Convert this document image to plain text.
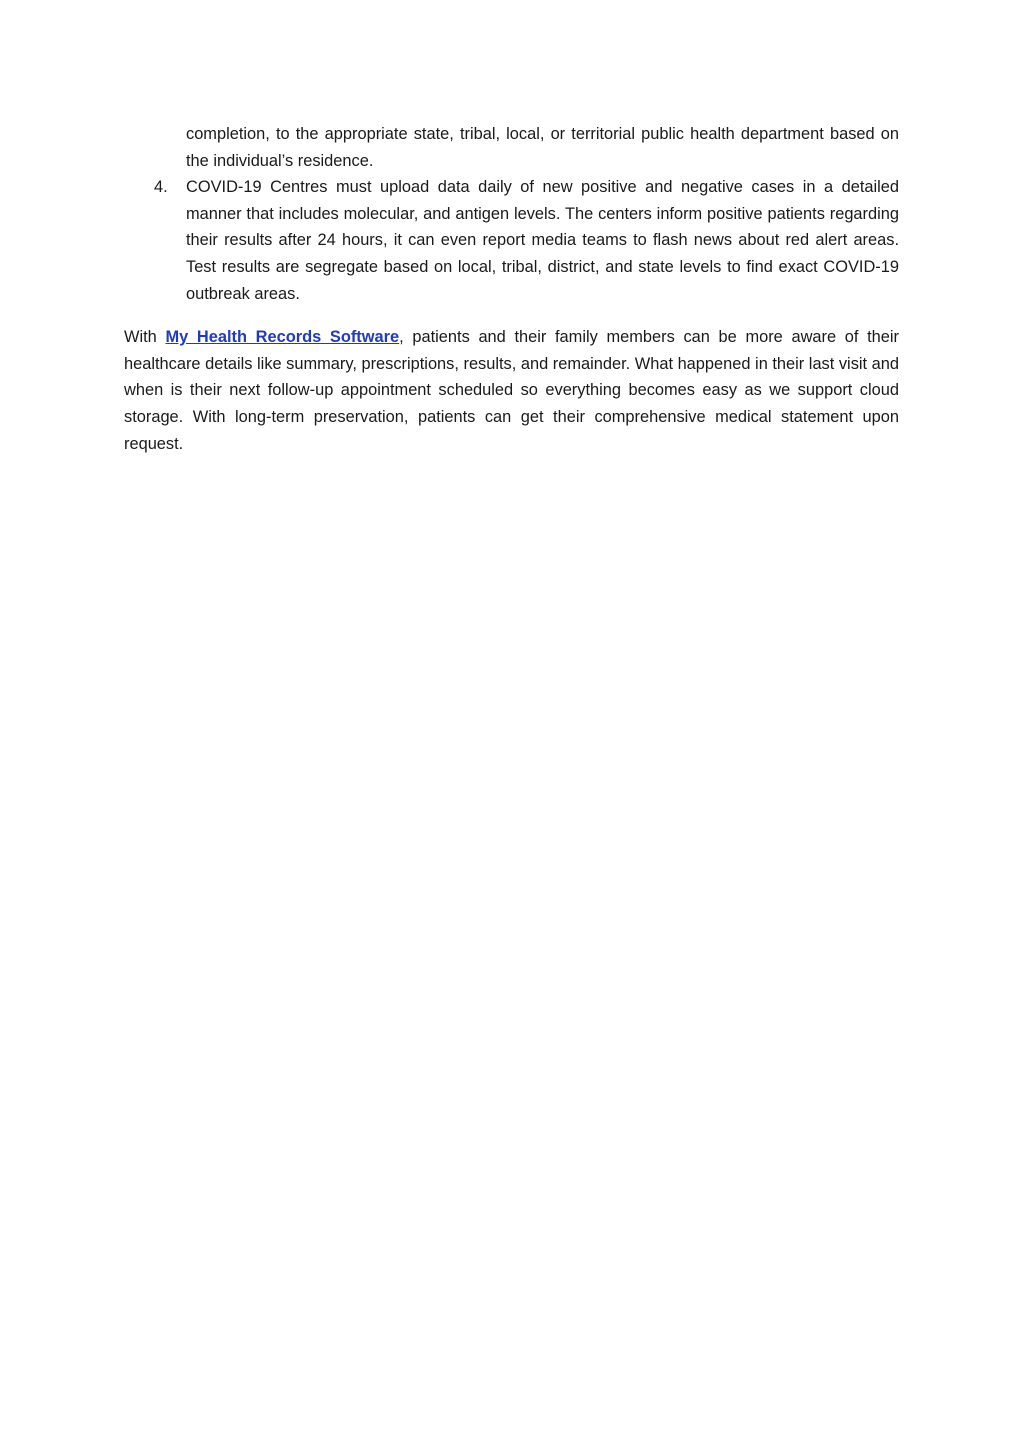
completion, to the appropriate state, tribal, local, or territorial public health department based on the individual’s residence.
4. COVID-19 Centres must upload data daily of new positive and negative cases in a detailed manner that includes molecular, and antigen levels. The centers inform positive patients regarding their results after 24 hours, it can even report media teams to flash news about red alert areas. Test results are segregate based on local, tribal, district, and state levels to find exact COVID-19 outbreak areas.
With My Health Records Software, patients and their family members can be more aware of their healthcare details like summary, prescriptions, results, and remainder. What happened in their last visit and when is their next follow-up appointment scheduled so everything becomes easy as we support cloud storage. With long-term preservation, patients can get their comprehensive medical statement upon request.
